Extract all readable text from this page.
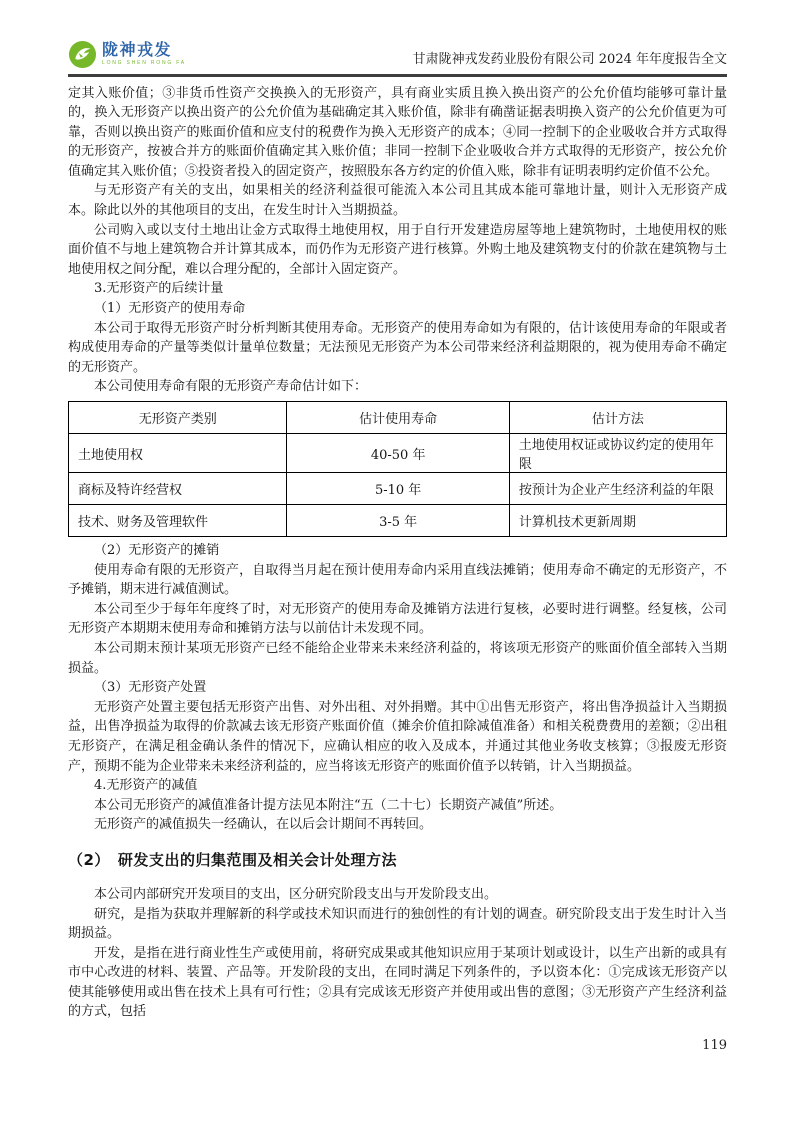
陇神戎发
LONG SHEN RONG FA	甘肃陇神戎发药业股份有限公司 2024 年年度报告全文

定其入账价值；③非货币性资产交换换入的无形资产，具有商业实质且换入换出资产的公允价值均能够可靠计量的，换入无形资产以换出资产的公允价值为基础确定其入账价值，除非有确凿证据表明换入资产的公允价值更为可靠，否则以换出资产的账面价值和应支付的税费作为换入无形资产的成本；④同一控制下的企业吸收合并方式取得的无形资产，按被合并方的账面价值确定其入账价值；非同一控制下企业吸收合并方式取得的无形资产，按公允价值确定其入账价值；⑤投资者投入的固定资产，按照股东各方约定的价值入账，除非有证明表明约定价值不公允。

与无形资产有关的支出，如果相关的经济利益很可能流入本公司且其成本能可靠地计量，则计入无形资产成本。除此以外的其他项目的支出，在发生时计入当期损益。

公司购入或以支付土地出让金方式取得土地使用权，用于自行开发建造房屋等地上建筑物时，土地使用权的账面价值不与地上建筑物合并计算其成本，而仍作为无形资产进行核算。外购土地及建筑物支付的价款在建筑物与土地使用权之间分配，难以合理分配的，全部计入固定资产。

3.无形资产的后续计量

（1）无形资产的使用寿命

本公司于取得无形资产时分析判断其使用寿命。无形资产的使用寿命如为有限的，估计该使用寿命的年限或者构成使用寿命的产量等类似计量单位数量；无法预见无形资产为本公司带来经济利益期限的，视为使用寿命不确定的无形资产。

本公司使用寿命有限的无形资产寿命估计如下：

无形资产类别	估计使用寿命	估计方法
土地使用权	40-50 年	土地使用权证或协议约定的使用年限
商标及特许经营权	5-10 年	按预计为企业产生经济利益的年限
技术、财务及管理软件	3-5 年	计算机技术更新周期

（2）无形资产的摊销

使用寿命有限的无形资产，自取得当月起在预计使用寿命内采用直线法摊销；使用寿命不确定的无形资产，不予摊销，期末进行减值测试。

本公司至少于每年年度终了时，对无形资产的使用寿命及摊销方法进行复核，必要时进行调整。经复核，公司无形资产本期期末使用寿命和摊销方法与以前估计未发现不同。

本公司期末预计某项无形资产已经不能给企业带来未来经济利益的，将该项无形资产的账面价值全部转入当期损益。

（3）无形资产处置

无形资产处置主要包括无形资产出售、对外出租、对外捐赠。其中①出售无形资产，将出售净损益计入当期损益，出售净损益为取得的价款减去该无形资产账面价值（摊余价值扣除减值准备）和相关税费费用的差额；②出租无形资产，在满足租金确认条件的情况下，应确认相应的收入及成本，并通过其他业务收支核算；③报废无形资产，预期不能为企业带来未来经济利益的，应当将该无形资产的账面价值予以转销，计入当期损益。

4.无形资产的减值

本公司无形资产的减值准备计提方法见本附注“五（二十七）长期资产减值”所述。

无形资产的减值损失一经确认，在以后会计期间不再转回。

（2）　研发支出的归集范围及相关会计处理方法

本公司内部研究开发项目的支出，区分研究阶段支出与开发阶段支出。

研究，是指为获取并理解新的科学或技术知识而进行的独创性的有计划的调查。研究阶段支出于发生时计入当期损益。

开发，是指在进行商业性生产或使用前，将研究成果或其他知识应用于某项计划或设计，以生产出新的或具有市中心改进的材料、装置、产品等。开发阶段的支出，在同时满足下列条件的，予以资本化：①完成该无形资产以使其能够使用或出售在技术上具有可行性；②具有完成该无形资产并使用或出售的意图；③无形资产产生经济利益的方式，包括

119
